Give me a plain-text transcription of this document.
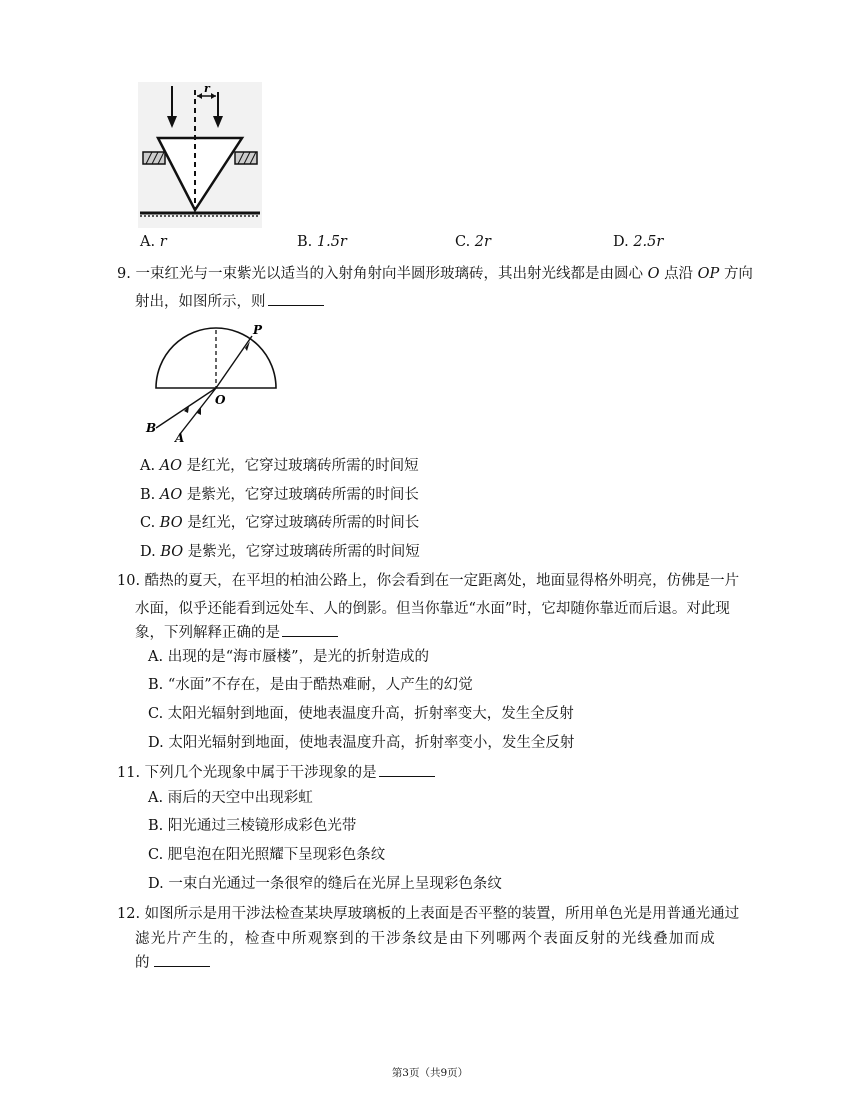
r
A. r	B. 1.5r	C. 2r	D. 2.5r
9. 一束红光与一束紫光以适当的入射角射向半圆形玻璃砖，其出射光线都是由圆心 O 点沿 OP 方向
射出，如图所示，则
P
O
B
A
A. AO 是红光，它穿过玻璃砖所需的时间短
B. AO 是紫光，它穿过玻璃砖所需的时间长
C. BO 是红光，它穿过玻璃砖所需的时间长
D. BO 是紫光，它穿过玻璃砖所需的时间短
10. 酷热的夏天，在平坦的柏油公路上，你会看到在一定距离处，地面显得格外明亮，仿佛是一片
水面，似乎还能看到远处车、人的倒影。但当你靠近“水面”时，它却随你靠近而后退。对此现
象，下列解释正确的是
A. 出现的是“海市蜃楼”，是光的折射造成的
B. “水面”不存在，是由于酷热难耐，人产生的幻觉
C. 太阳光辐射到地面，使地表温度升高，折射率变大，发生全反射
D. 太阳光辐射到地面，使地表温度升高，折射率变小，发生全反射
11. 下列几个光现象中属于干涉现象的是
A. 雨后的天空中出现彩虹
B. 阳光通过三棱镜形成彩色光带
C. 肥皂泡在阳光照耀下呈现彩色条纹
D. 一束白光通过一条很窄的缝后在光屏上呈现彩色条纹
12. 如图所示是用干涉法检查某块厚玻璃板的上表面是否平整的装置，所用单色光是用普通光通过
滤光片产生的，检查中所观察到的干涉条纹是由下列哪两个表面反射的光线叠加而成
的
第3页（共9页）
